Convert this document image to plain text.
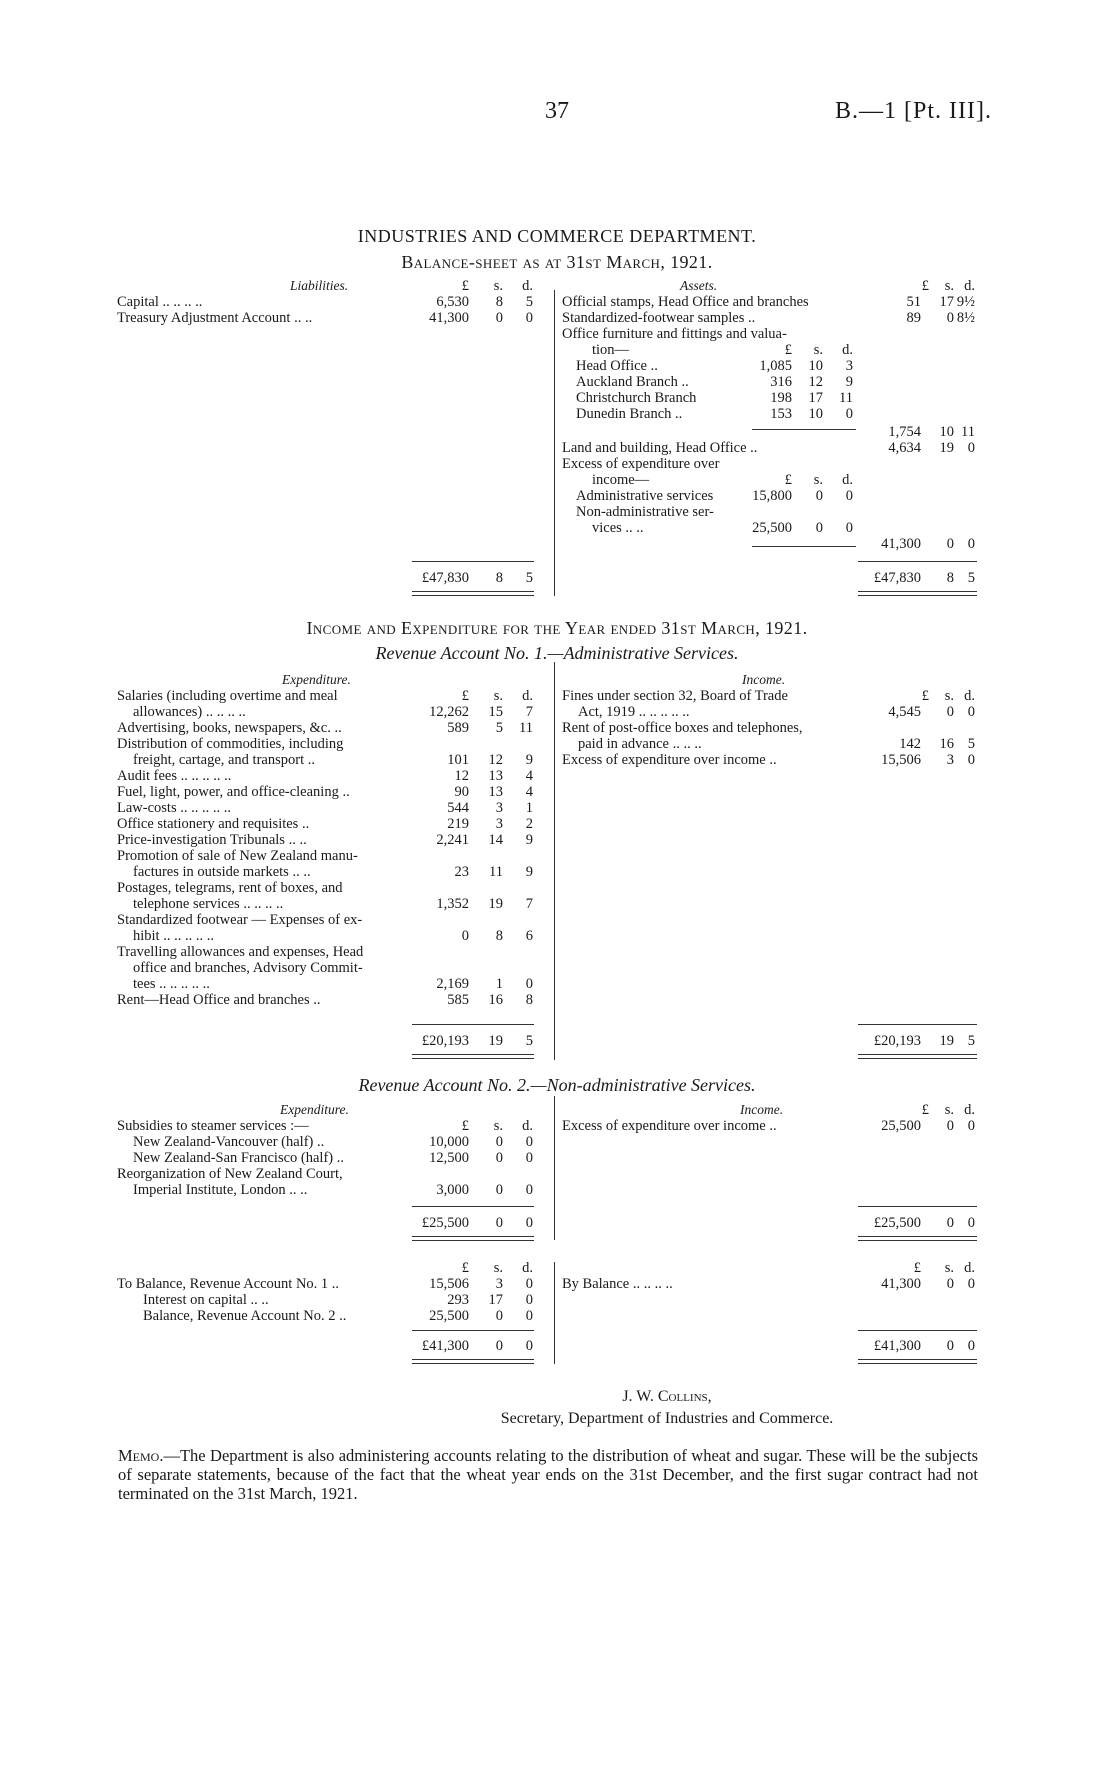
37	B.—1 [Pt. III].
INDUSTRIES AND COMMERCE DEPARTMENT.
Balance-sheet as at 31st March, 1921.
Liabilities.	£	s.	d.	Assets.	£	s. d.
Capital .. .. .. ..	6,530	8	5
Treasury Adjustment Account .. ..	41,300	0	0
Official stamps, Head Office and branches	51	17 9½
Standardized-footwear samples ..	89	0 8½
Office furniture and fittings and valua-
tion—	£	s.	d.
Head Office ..	1,085	10	3
Auckland Branch ..	316	12	9
Christchurch Branch	198	17	11
Dunedin Branch ..	153	10	0
1,754	10 11
Land and building, Head Office ..	4,634	19 0
Excess of expenditure over
income—	£	s.	d.
Administrative services	15,800	0	0
Non-administrative ser-
vices .. ..	25,500	0	0
41,300	0 0
£47,830	8	5	£47,830	8 5
Expenditure.
£	s.	d.
Income.
£	s. d.
Salaries (including overtime and meal
allowances) .. .. .. ..	12,262	15	7
Advertising, books, newspapers, &c. ..	589	5	11
Distribution of commodities, including
freight, cartage, and transport ..	101	12	9
Audit fees .. .. .. .. ..	12	13	4
Fuel, light, power, and office-cleaning ..	90	13	4
Law-costs .. .. .. .. ..	544	3	1
Office stationery and requisites ..	219	3	2
Price-investigation Tribunals .. ..	2,241	14	9
Promotion of sale of New Zealand manu-
factures in outside markets .. ..	23	11	9
Postages, telegrams, rent of boxes, and
telephone services .. .. .. ..	1,352	19	7
Standardized footwear — Expenses of ex-
hibit .. .. .. .. ..	0	8	6
Travelling allowances and expenses, Head
office and branches, Advisory Commit-
tees .. .. .. .. ..	2,169	1	0
Rent—Head Office and branches ..	585	16	8
Fines under section 32, Board of Trade
Act, 1919 .. .. .. .. ..	4,545	0 0
Rent of post-office boxes and telephones,
paid in advance .. .. ..	142	16 5
Excess of expenditure over income ..	15,506	3 0
£20,193	19	5	£20,193	19 5
Expenditure.
£	s.	d.
Income.	£	s. d.
Subsidies to steamer services :—
New Zealand-Vancouver (half) ..	10,000	0	0
New Zealand-San Francisco (half) ..	12,500	0	0
Reorganization of New Zealand Court,
Imperial Institute, London .. ..	3,000	0	0
Excess of expenditure over income ..	25,500	0 0
£25,500	0	0	£25,500	0 0
£	s.	d.	£	s. d.
To Balance, Revenue Account No. 1 ..	15,506	3	0
Interest on capital .. ..	293	17	0
Balance, Revenue Account No. 2 ..	25,500	0	0
By Balance .. .. .. ..	41,300	0 0
£41,300	0	0	£41,300	0 0
Income and Expenditure for the Year ended 31st March, 1921.
Revenue Account No. 1.—Administrative Services.
Revenue Account No. 2.—Non-administrative Services.
J. W. Collins,
Secretary, Department of Industries and Commerce.
Memo.—The Department is also administering accounts relating to the distribution of wheat and sugar. These will be the subjects of separate statements, because of the fact that the wheat year ends on the 31st December, and the first sugar contract had not terminated on the 31st March, 1921.
